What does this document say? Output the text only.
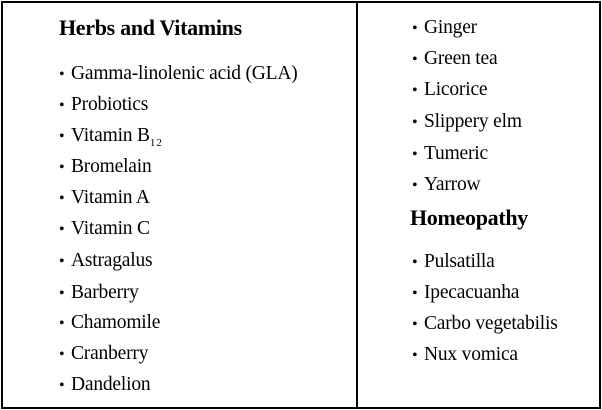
Herbs and Vitamins
• Gamma-linolenic acid (GLA)
• Probiotics
• Vitamin $B_{12}$
• Bromelain
• Vitamin A
• Vitamin C
• Astragalus
• Barberry
• Chamomile
• Cranberry
• Dandelion
• Ginger
• Green tea
• Licorice
• Slippery elm
• Tumeric
• Yarrow
Homeopathy
• Pulsatilla
• Ipecacuanha
• Carbo vegetabilis
• Nux vomica
